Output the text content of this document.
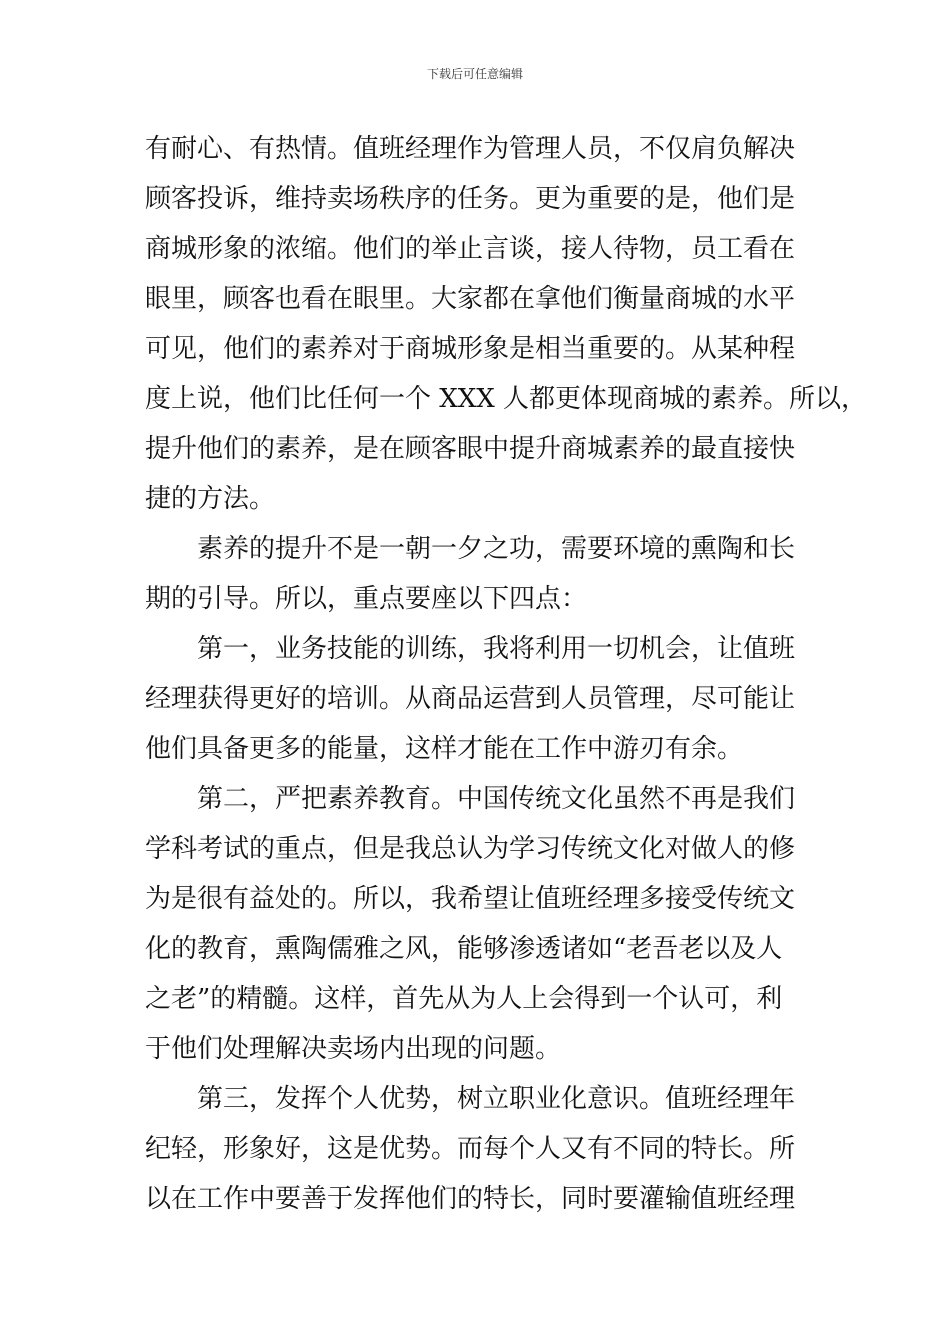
下载后可任意编辑
有耐心、有热情。值班经理作为管理人员，不仅肩负解决
顾客投诉，维持卖场秩序的任务。更为重要的是，他们是
商城形象的浓缩。他们的举止言谈，接人待物，员工看在
眼里，顾客也看在眼里。大家都在拿他们衡量商城的水平
可见，他们的素养对于商城形象是相当重要的。从某种程
度上说，他们比任何一个 XXX 人都更体现商城的素养。所以，
提升他们的素养，是在顾客眼中提升商城素养的最直接快
捷的方法。
素养的提升不是一朝一夕之功，需要环境的熏陶和长
期的引导。所以，重点要座以下四点：
第一，业务技能的训练，我将利用一切机会，让值班
经理获得更好的培训。从商品运营到人员管理，尽可能让
他们具备更多的能量，这样才能在工作中游刃有余。
第二，严把素养教育。中国传统文化虽然不再是我们
学科考试的重点，但是我总认为学习传统文化对做人的修
为是很有益处的。所以，我希望让值班经理多接受传统文
化的教育，熏陶儒雅之风，能够渗透诸如“老吾老以及人
之老”的精髓。这样，首先从为人上会得到一个认可，利
于他们处理解决卖场内出现的问题。
第三，发挥个人优势，树立职业化意识。值班经理年
纪轻，形象好，这是优势。而每个人又有不同的特长。所
以在工作中要善于发挥他们的特长，同时要灌输值班经理
